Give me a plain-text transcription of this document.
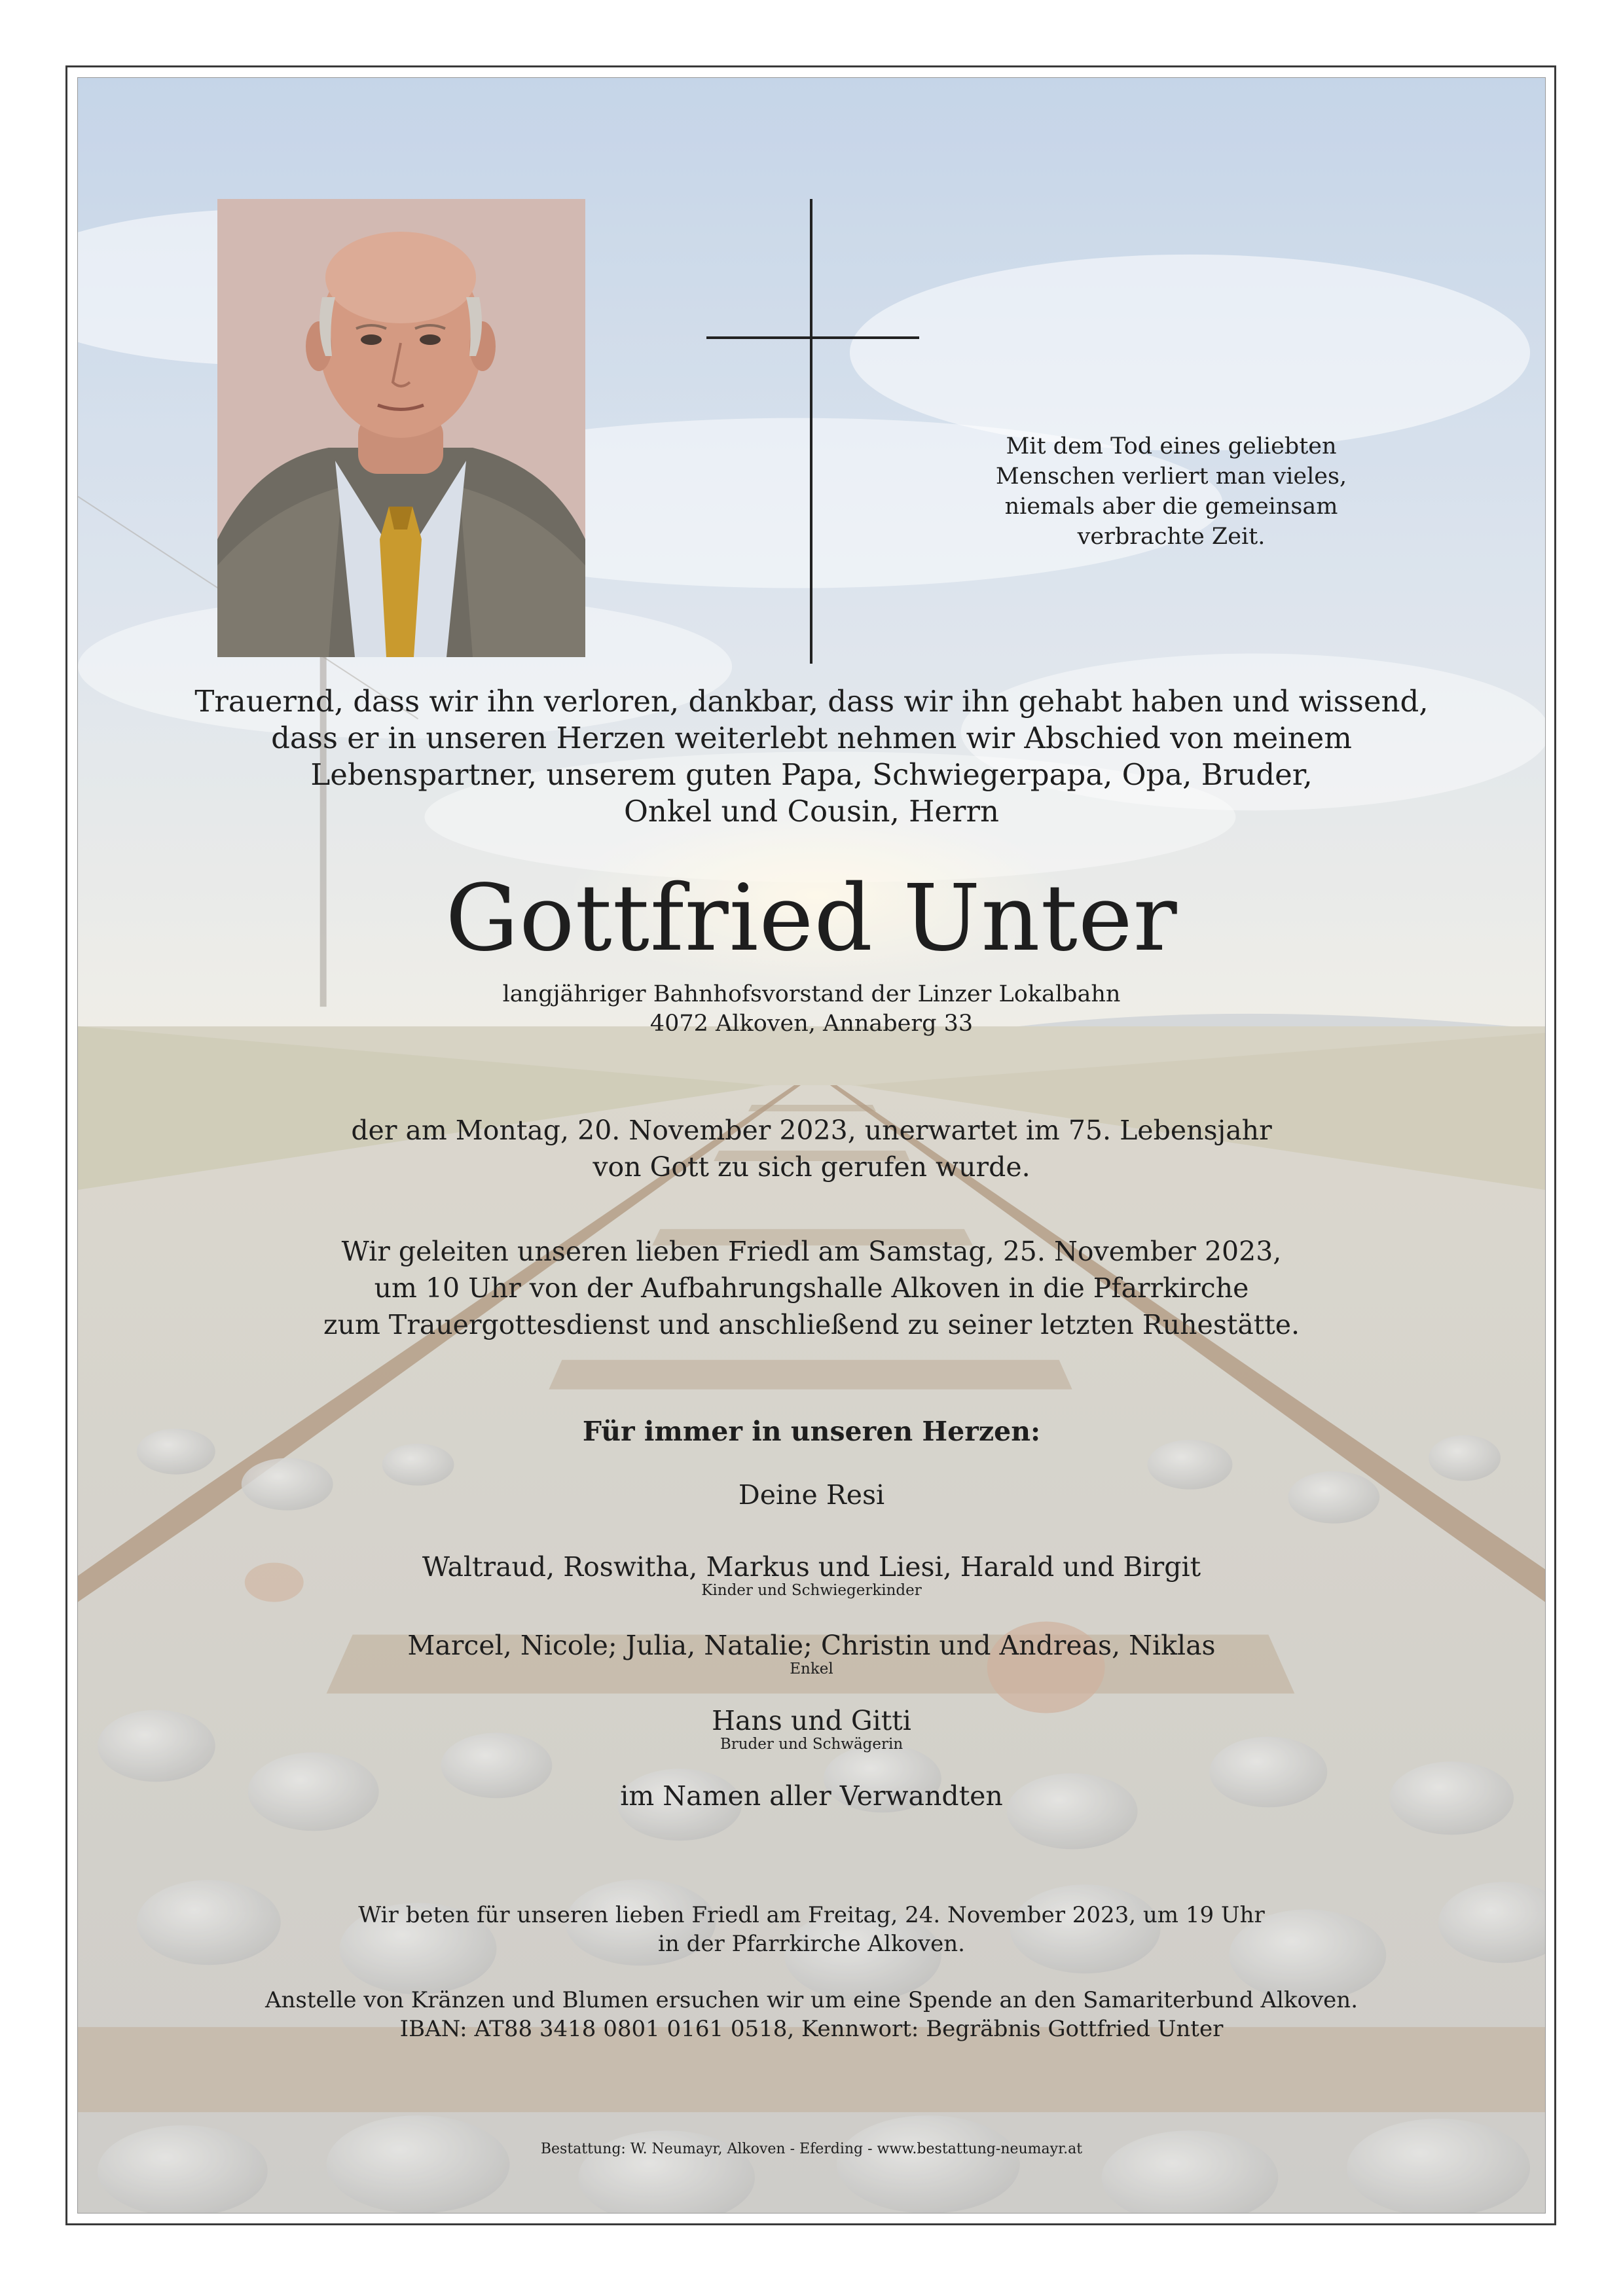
Mit dem Tod eines geliebten
Menschen verliert man vieles,
niemals aber die gemeinsam
verbrachte Zeit.
Trauernd, dass wir ihn verloren, dankbar, dass wir ihn gehabt haben und wissend,
dass er in unseren Herzen weiterlebt nehmen wir Abschied von meinem
Lebenspartner, unserem guten Papa, Schwiegerpapa, Opa, Bruder,
Onkel und Cousin, Herrn
Gottfried Unter
langjähriger Bahnhofsvorstand der Linzer Lokalbahn
4072 Alkoven, Annaberg 33
der am Montag, 20. November 2023, unerwartet im 75. Lebensjahr
von Gott zu sich gerufen wurde.
Wir geleiten unseren lieben Friedl am Samstag, 25. November 2023,
um 10 Uhr von der Aufbahrungshalle Alkoven in die Pfarrkirche
zum Trauergottesdienst und anschließend zu seiner letzten Ruhestätte.
Für immer in unseren Herzen:
Deine Resi
Waltraud, Roswitha, Markus und Liesi, Harald und Birgit
Kinder und Schwiegerkinder
Marcel, Nicole; Julia, Natalie; Christin und Andreas, Niklas
Enkel
Hans und Gitti
Bruder und Schwägerin
im Namen aller Verwandten
Wir beten für unseren lieben Friedl am Freitag, 24. November 2023, um 19 Uhr
in der Pfarrkirche Alkoven.
Anstelle von Kränzen und Blumen ersuchen wir um eine Spende an den Samariterbund Alkoven.
IBAN: AT88 3418 0801 0161 0518, Kennwort: Begräbnis Gottfried Unter
Bestattung: W. Neumayr, Alkoven - Eferding - www.bestattung-neumayr.at
